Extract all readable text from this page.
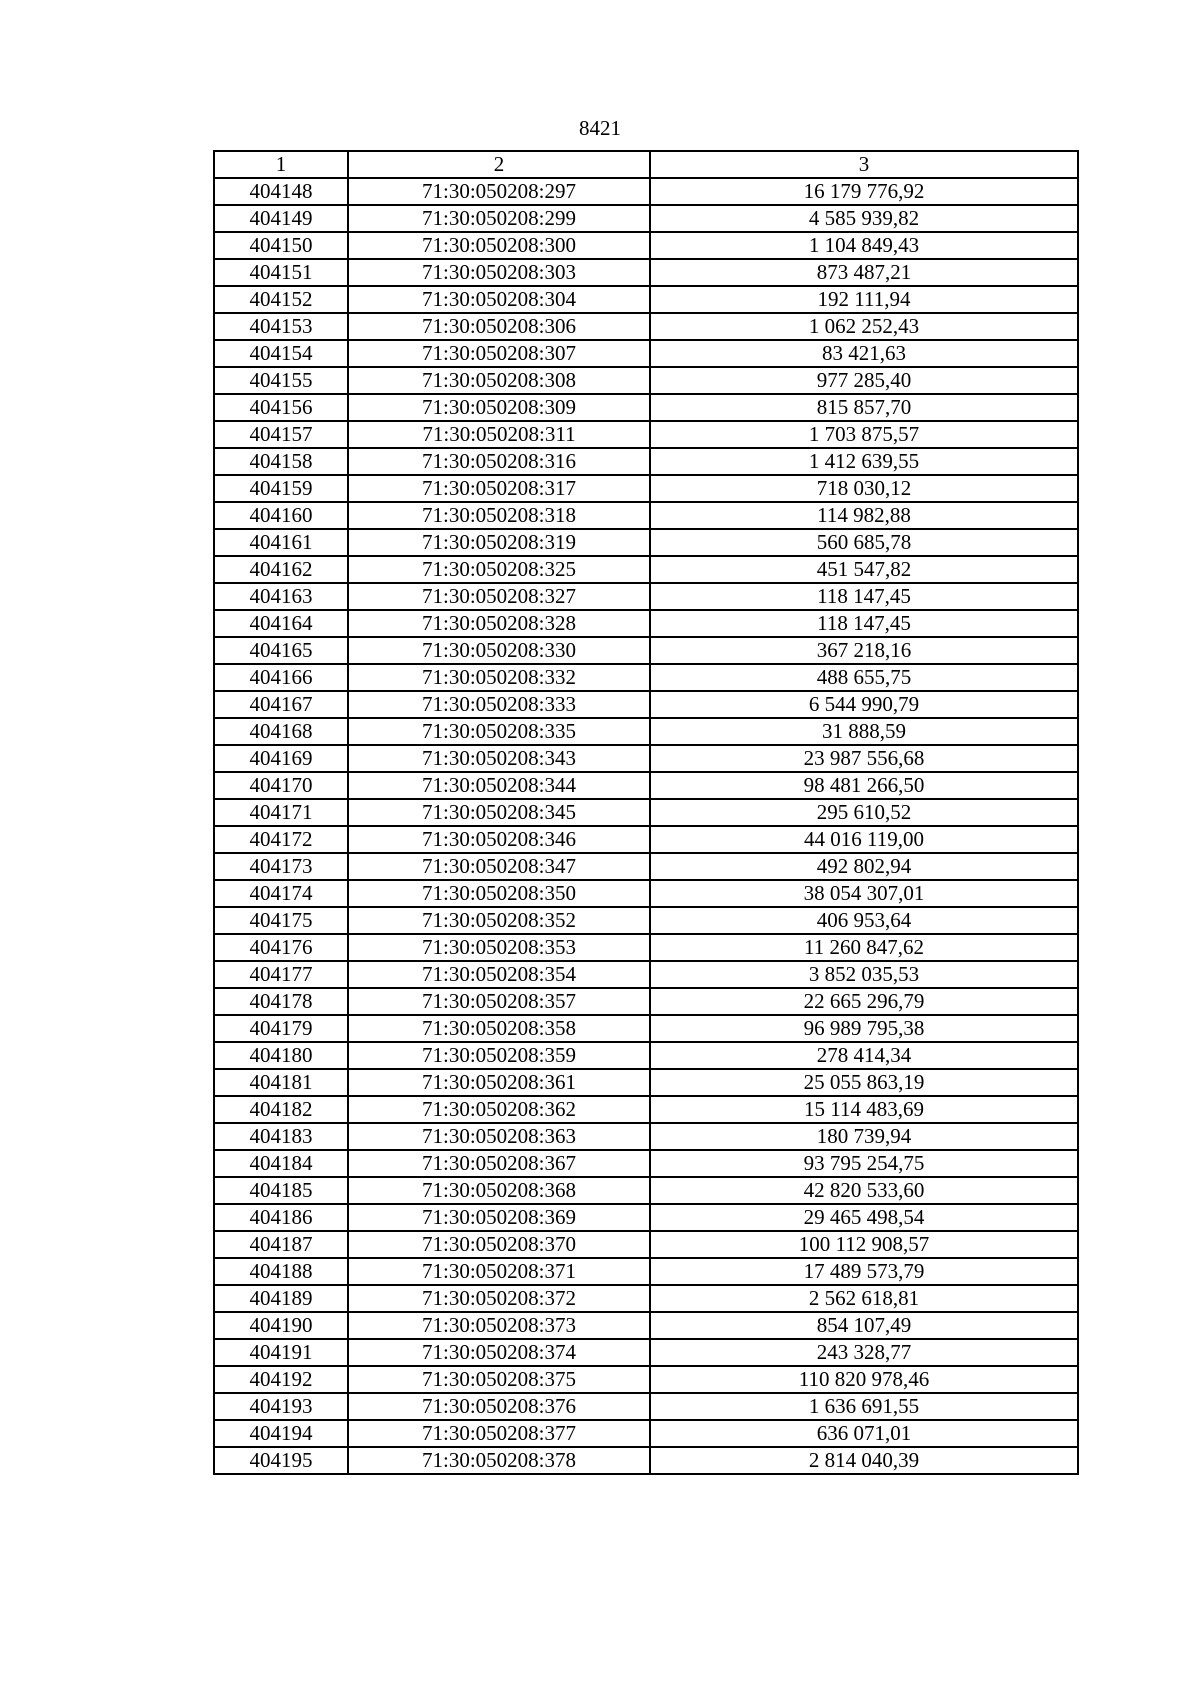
8421
1	2	3
404148	71:30:050208:297	16 179 776,92
404149	71:30:050208:299	4 585 939,82
404150	71:30:050208:300	1 104 849,43
404151	71:30:050208:303	873 487,21
404152	71:30:050208:304	192 111,94
404153	71:30:050208:306	1 062 252,43
404154	71:30:050208:307	83 421,63
404155	71:30:050208:308	977 285,40
404156	71:30:050208:309	815 857,70
404157	71:30:050208:311	1 703 875,57
404158	71:30:050208:316	1 412 639,55
404159	71:30:050208:317	718 030,12
404160	71:30:050208:318	114 982,88
404161	71:30:050208:319	560 685,78
404162	71:30:050208:325	451 547,82
404163	71:30:050208:327	118 147,45
404164	71:30:050208:328	118 147,45
404165	71:30:050208:330	367 218,16
404166	71:30:050208:332	488 655,75
404167	71:30:050208:333	6 544 990,79
404168	71:30:050208:335	31 888,59
404169	71:30:050208:343	23 987 556,68
404170	71:30:050208:344	98 481 266,50
404171	71:30:050208:345	295 610,52
404172	71:30:050208:346	44 016 119,00
404173	71:30:050208:347	492 802,94
404174	71:30:050208:350	38 054 307,01
404175	71:30:050208:352	406 953,64
404176	71:30:050208:353	11 260 847,62
404177	71:30:050208:354	3 852 035,53
404178	71:30:050208:357	22 665 296,79
404179	71:30:050208:358	96 989 795,38
404180	71:30:050208:359	278 414,34
404181	71:30:050208:361	25 055 863,19
404182	71:30:050208:362	15 114 483,69
404183	71:30:050208:363	180 739,94
404184	71:30:050208:367	93 795 254,75
404185	71:30:050208:368	42 820 533,60
404186	71:30:050208:369	29 465 498,54
404187	71:30:050208:370	100 112 908,57
404188	71:30:050208:371	17 489 573,79
404189	71:30:050208:372	2 562 618,81
404190	71:30:050208:373	854 107,49
404191	71:30:050208:374	243 328,77
404192	71:30:050208:375	110 820 978,46
404193	71:30:050208:376	1 636 691,55
404194	71:30:050208:377	636 071,01
404195	71:30:050208:378	2 814 040,39
